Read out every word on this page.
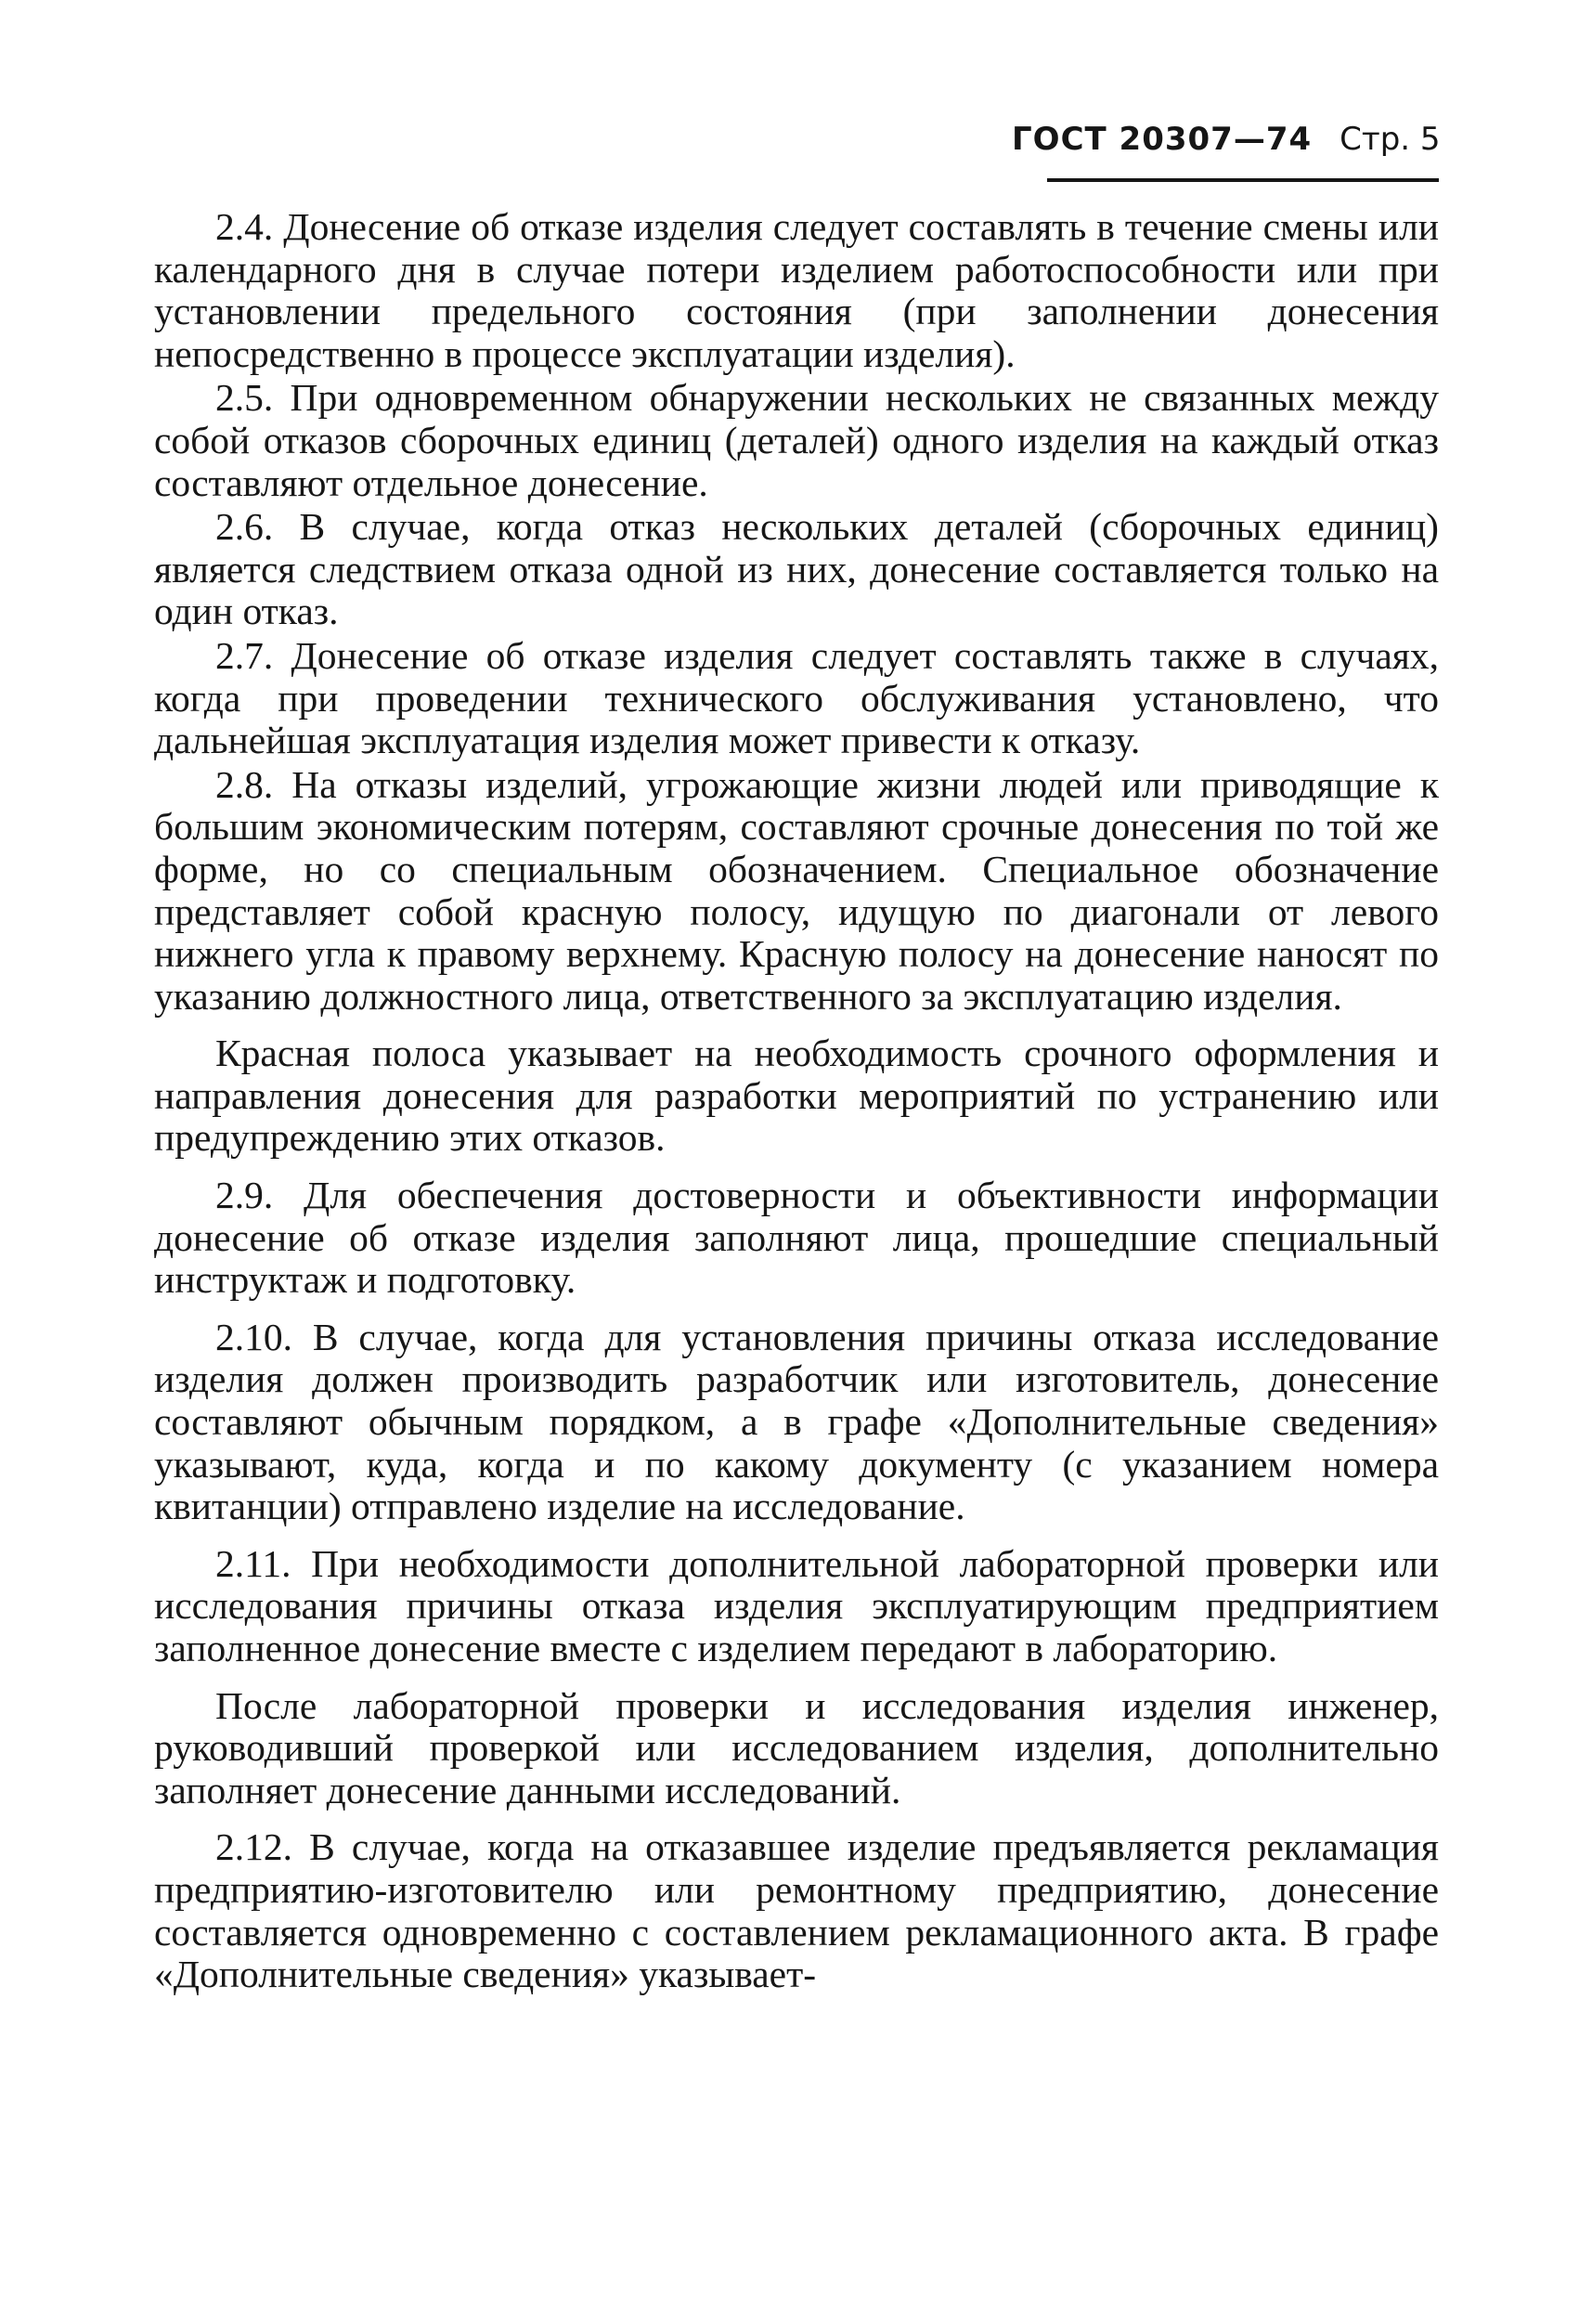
ГОСТ 20307—74 Стр. 5

2.4. Донесение об отказе изделия следует составлять в течение смены или календарного дня в случае потери изделием работоспособности или при установлении предельного состояния (при заполнении донесения непосредственно в процессе эксплуатации изделия).

2.5. При одновременном обнаружении нескольких не связанных между собой отказов сборочных единиц (деталей) одного изделия на каждый отказ составляют отдельное донесение.

2.6. В случае, когда отказ нескольких деталей (сборочных единиц) является следствием отказа одной из них, донесение составляется только на один отказ.

2.7. Донесение об отказе изделия следует составлять также в случаях, когда при проведении технического обслуживания установлено, что дальнейшая эксплуатация изделия может привести к отказу.

2.8. На отказы изделий, угрожающие жизни людей или приводящие к большим экономическим потерям, составляют срочные донесения по той же форме, но со специальным обозначением. Специальное обозначение представляет собой красную полосу, идущую по диагонали от левого нижнего угла к правому верхнему. Красную полосу на донесение наносят по указанию должностного лица, ответственного за эксплуатацию изделия.

Красная полоса указывает на необходимость срочного оформления и направления донесения для разработки мероприятий по устранению или предупреждению этих отказов.

2.9. Для обеспечения достоверности и объективности информации донесение об отказе изделия заполняют лица, прошедшие специальный инструктаж и подготовку.

2.10. В случае, когда для установления причины отказа исследование изделия должен производить разработчик или изготовитель, донесение составляют обычным порядком, а в графе «Дополнительные сведения» указывают, куда, когда и по какому документу (с указанием номера квитанции) отправлено изделие на исследование.

2.11. При необходимости дополнительной лабораторной проверки или исследования причины отказа изделия эксплуатирующим предприятием заполненное донесение вместе с изделием передают в лабораторию.

После лабораторной проверки и исследования изделия инженер, руководивший проверкой или исследованием изделия, дополнительно заполняет донесение данными исследований.

2.12. В случае, когда на отказавшее изделие предъявляется рекламация предприятию-изготовителю или ремонтному предприятию, донесение составляется одновременно с составлением рекламационного акта. В графе «Дополнительные сведения» указывает-
